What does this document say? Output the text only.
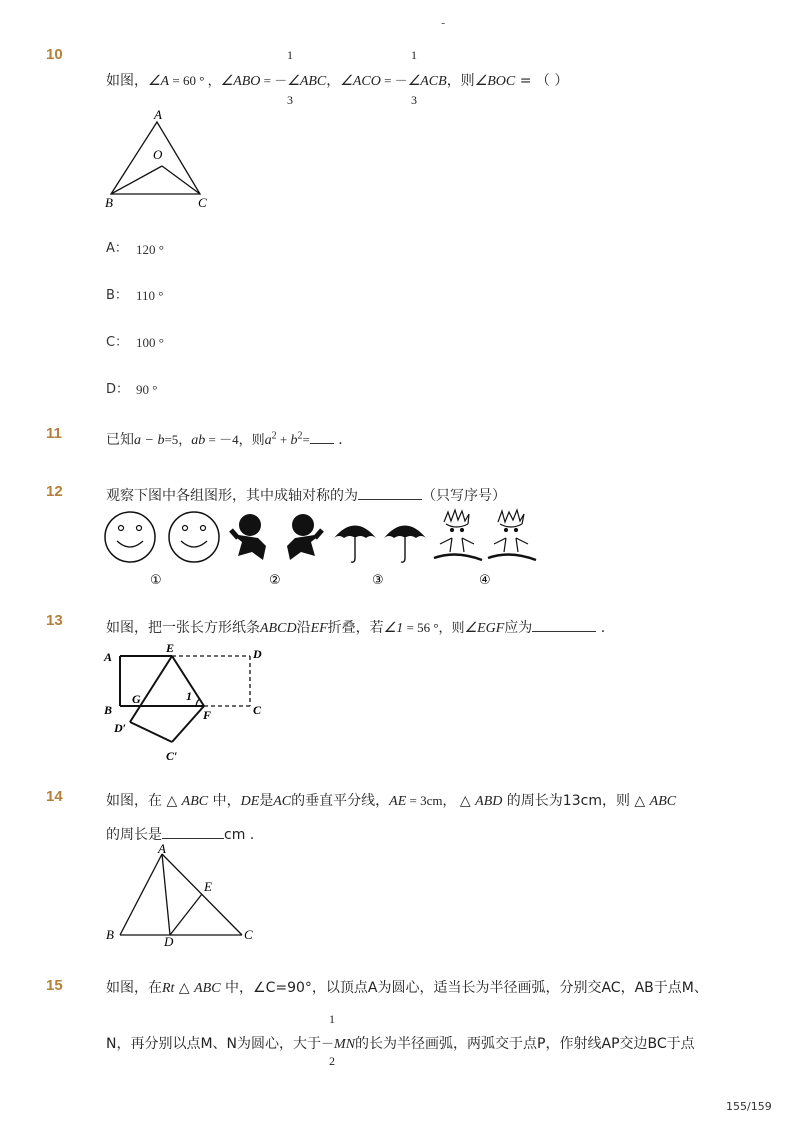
-
155/159
10	1	1
如图，∠A = 60 ° ，∠ABO = －∠ABC，∠ACO = －∠ACB，则∠BOC = （ ）
3	3
A
O
B	C
A： 120 °
B： 110 °
C： 100 °
D： 90 °
11	已知a − b=5，ab = －4，则$a^2 + b^2=$ .
12	观察下图中各组图形，其中成轴对称的为	（只写序号）
①	②	③	④
13	如图，把一张长方形纸条ABCD沿EF折叠，若∠1 = 56 °，则∠EGF应为	.
A
E	D
G	1
B	F	C
D′
C′
14	如图，在 △ ABC 中，DE是AC的垂直平分线，AE = 3cm， △ ABD 的周长为13cm，则 △ ABC
的周长是	cm .
A
E
B	D	C
15	如图，在Rt △ ABC 中，∠C=90°，以顶点A为圆心，适当长为半径画弧，分别交AC，AB于点M、
1
N，再分别以点M、N为圆心，大于－MN的长为半径画弧，两弧交于点P，作射线AP交边BC于点
2
